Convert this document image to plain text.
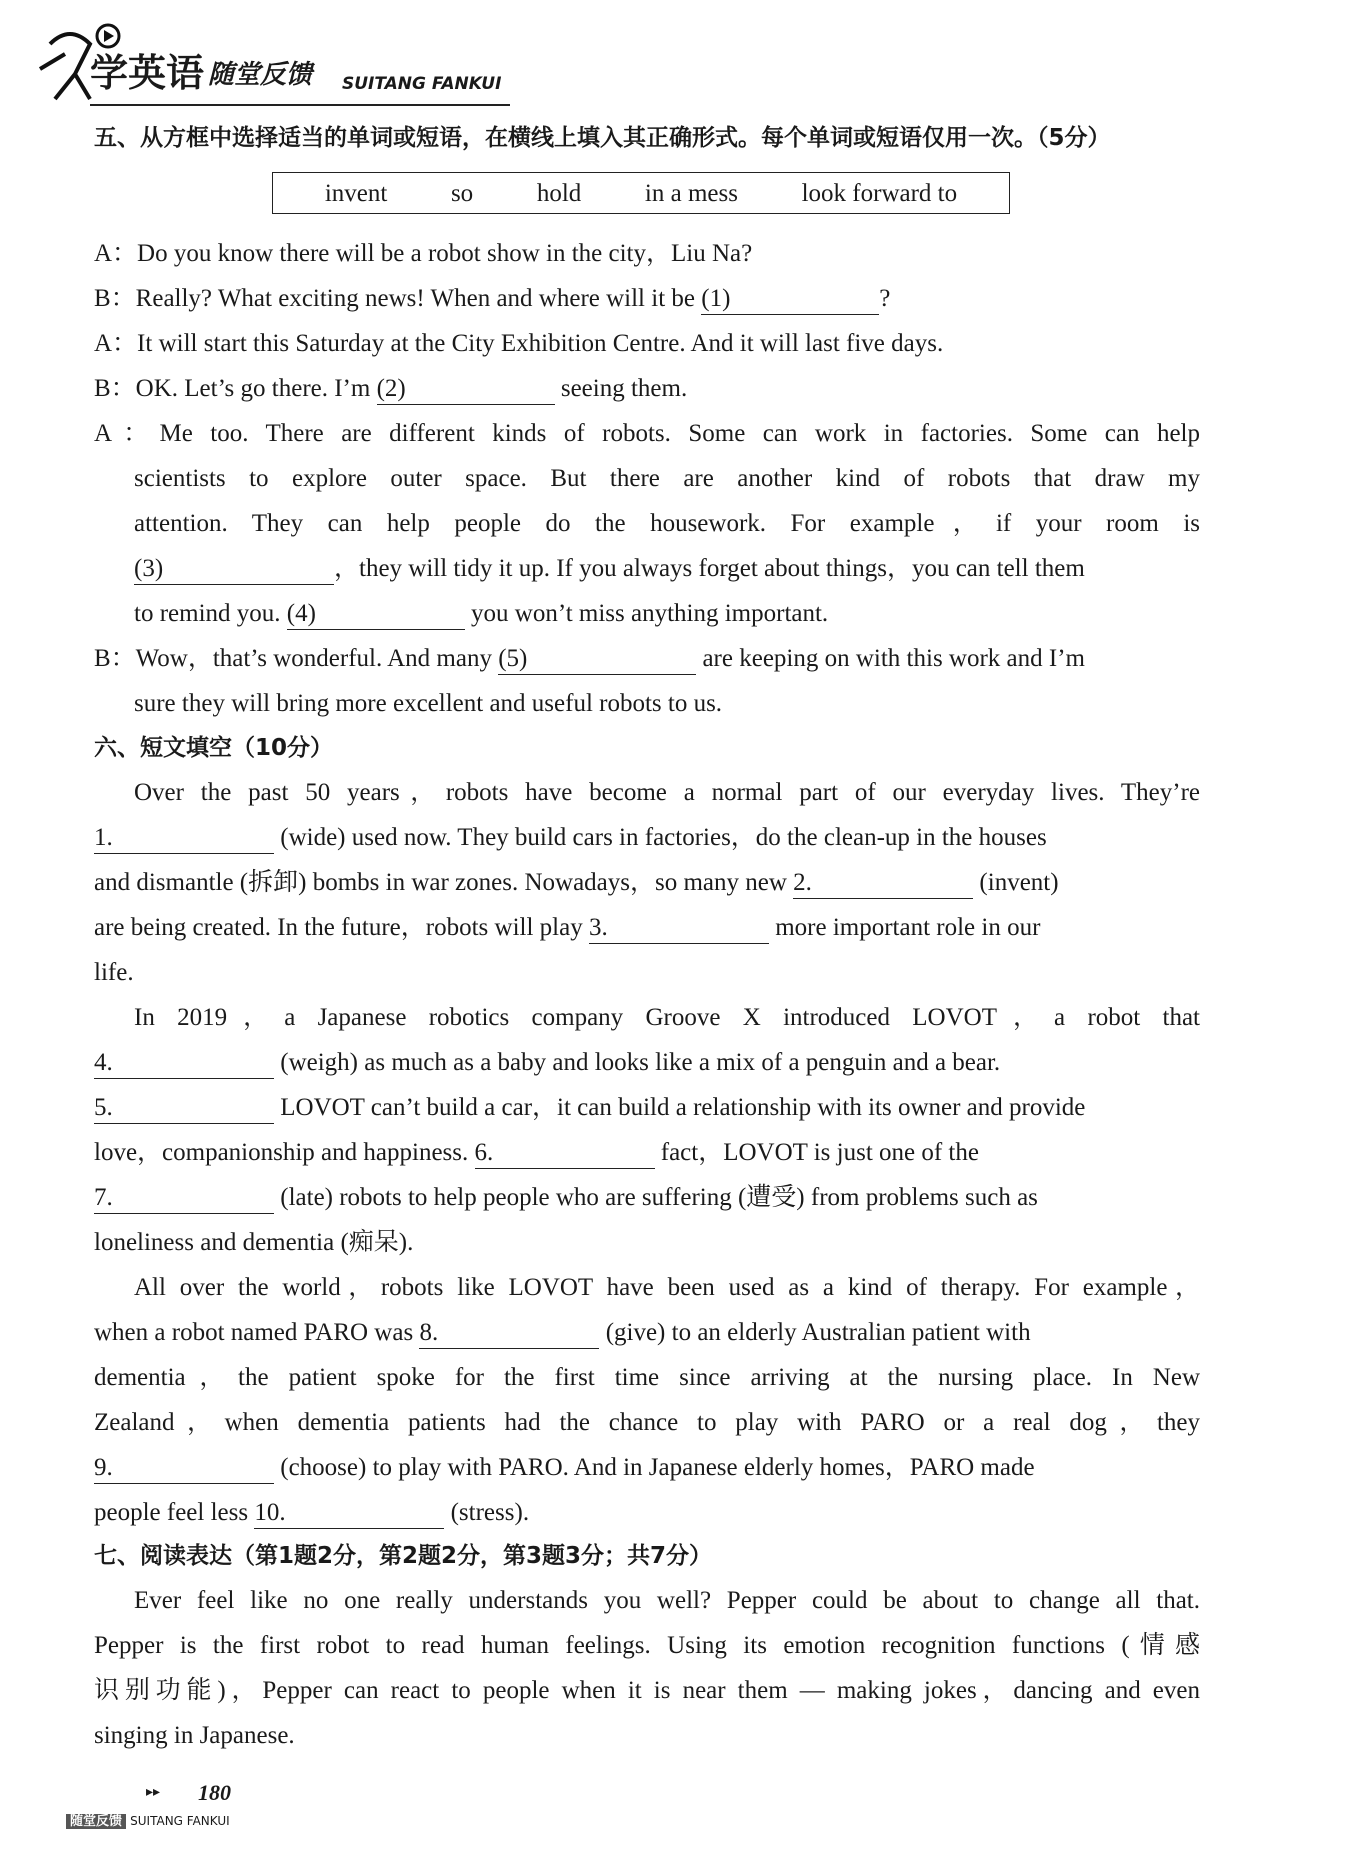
学英语 随堂反馈 SUITANG FANKUI
五、从方框中选择适当的单词或短语，在横线上填入其正确形式。每个单词或短语仅用一次。（5分）
invent	so	hold	in a mess	look forward to
A：Do you know there will be a robot show in the city，Liu Na?
B：Really? What exciting news! When and where will it be (1)	?
A：It will start this Saturday at the City Exhibition Centre. And it will last five days.
B：OK. Let’s go there. I’m (2)	seeing them.
A：Me too. There are different kinds of robots. Some can work in factories. Some can help
scientists to explore outer space. But there are another kind of robots that draw my
attention. They can help people do the housework. For example，if your room is
(3)	，they will tidy it up. If you always forget about things，you can tell them
to remind you. (4)	you won’t miss anything important.
B：Wow，that’s wonderful. And many (5)	are keeping on with this work and I’m
sure they will bring more excellent and useful robots to us.
六、短文填空（10分）
Over the past 50 years，robots have become a normal part of our everyday lives. They’re
1.	(wide) used now. They build cars in factories，do the clean-up in the houses
and dismantle (拆卸) bombs in war zones. Nowadays，so many new 2.	(invent)
are being created. In the future，robots will play 3.	more important role in our
life.
In 2019，a Japanese robotics company Groove X introduced LOVOT，a robot that
4.	(weigh) as much as a baby and looks like a mix of a penguin and a bear.
5.	LOVOT can’t build a car，it can build a relationship with its owner and provide
love，companionship and happiness. 6.	fact，LOVOT is just one of the
7.	(late) robots to help people who are suffering (遭受) from problems such as
loneliness and dementia (痴呆).
All over the world，robots like LOVOT have been used as a kind of therapy. For example，
when a robot named PARO was 8.	(give) to an elderly Australian patient with
dementia，the patient spoke for the first time since arriving at the nursing place. In New
Zealand，when dementia patients had the chance to play with PARO or a real dog，they
9.	(choose) to play with PARO. And in Japanese elderly homes，PARO made
people feel less 10.	(stress).
七、阅读表达（第1题2分，第2题2分，第3题3分；共7分）
Ever feel like no one really understands you well? Pepper could be about to change all that.
Pepper is the first robot to read human feelings. Using its emotion recognition functions (情感
识别功能)，Pepper can react to people when it is near them — making jokes，dancing and even
singing in Japanese.
▸▸ 180
随堂反馈 SUITANG FANKUI
